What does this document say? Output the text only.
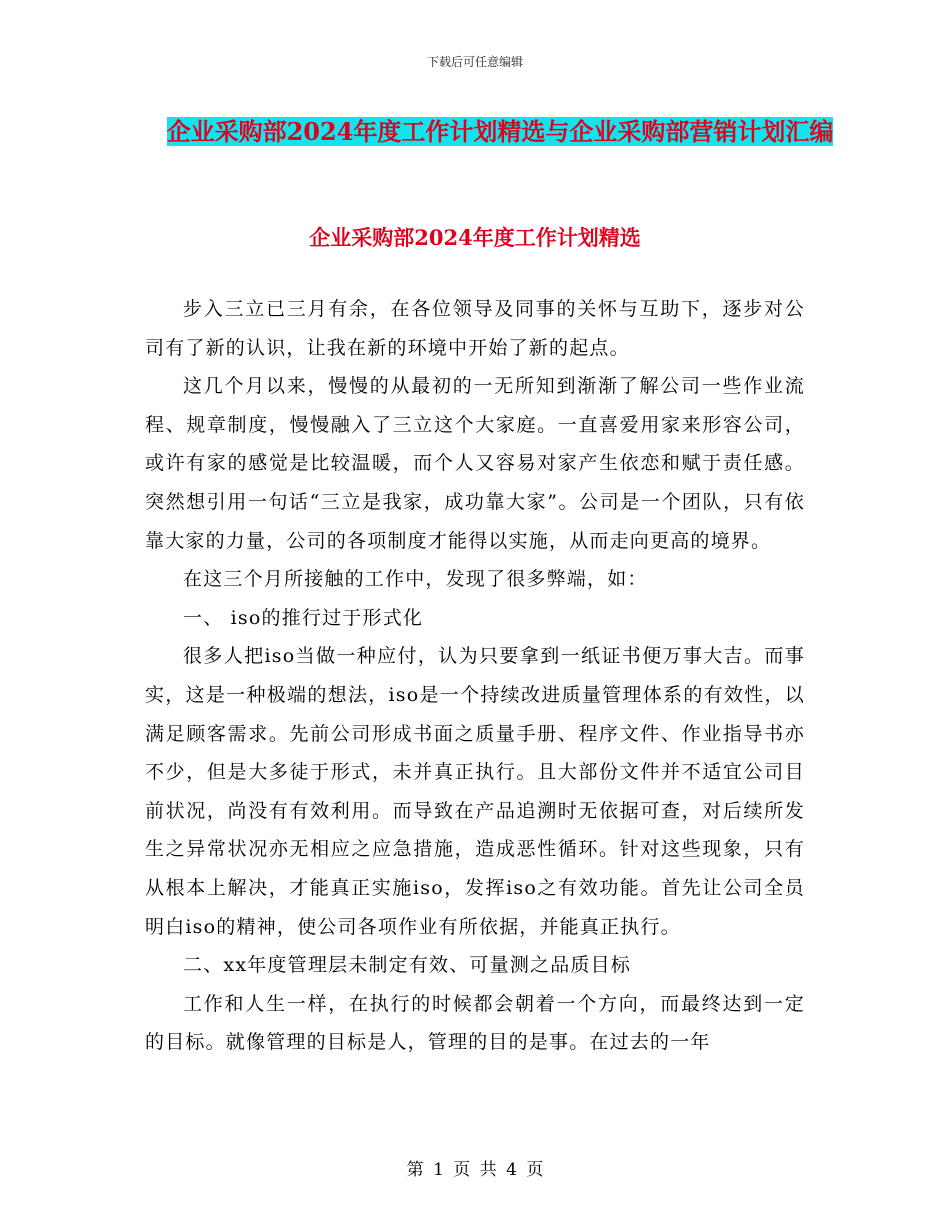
下载后可任意编辑
企业采购部2024年度工作计划精选与企业采购部营销计划汇编
企业采购部2024年度工作计划精选

步入三立已三月有余，在各位领导及同事的关怀与互助下，逐步对公司有了新的认识，让我在新的环境中开始了新的起点。

这几个月以来，慢慢的从最初的一无所知到渐渐了解公司一些作业流程、规章制度，慢慢融入了三立这个大家庭。一直喜爱用家来形容公司，或许有家的感觉是比较温暖，而个人又容易对家产生依恋和赋于责任感。突然想引用一句话“三立是我家，成功靠大家”。公司是一个团队，只有依靠大家的力量，公司的各项制度才能得以实施，从而走向更高的境界。

在这三个月所接触的工作中，发现了很多弊端，如：

一、 iso的推行过于形式化

很多人把iso当做一种应付，认为只要拿到一纸证书便万事大吉。而事实，这是一种极端的想法，iso是一个持续改进质量管理体系的有效性，以满足顾客需求。先前公司形成书面之质量手册、程序文件、作业指导书亦不少，但是大多徒于形式，未并真正执行。且大部份文件并不适宜公司目前状况，尚没有有效利用。而导致在产品追溯时无依据可查，对后续所发生之异常状况亦无相应之应急措施，造成恶性循环。针对这些现象，只有从根本上解决，才能真正实施iso，发挥iso之有效功能。首先让公司全员明白iso的精神，使公司各项作业有所依据，并能真正执行。

二、xx年度管理层未制定有效、可量测之品质目标

工作和人生一样，在执行的时候都会朝着一个方向，而最终达到一定的目标。就像管理的目标是人，管理的目的是事。在过去的一年

第 1 页 共 4 页
